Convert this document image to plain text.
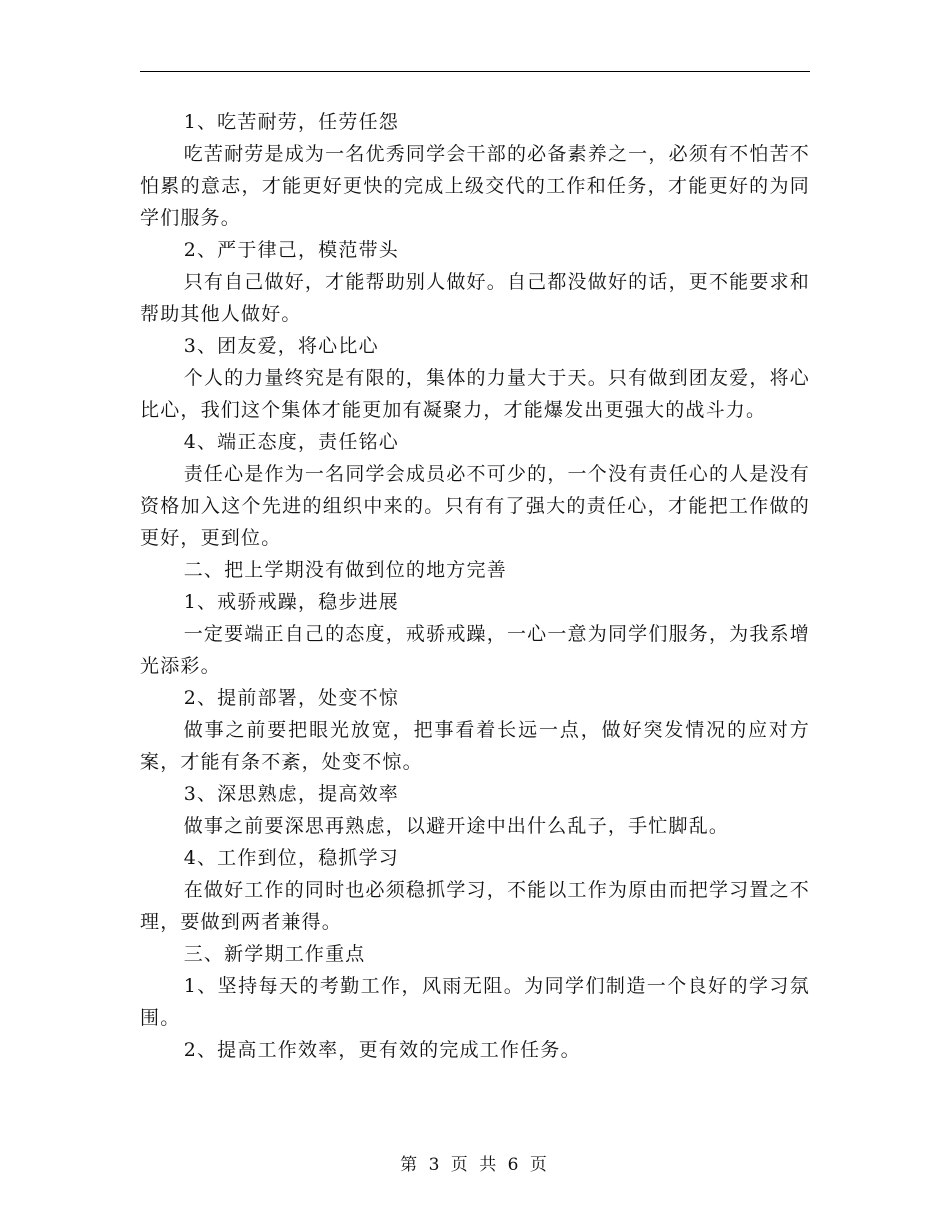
1、吃苦耐劳，任劳任怨

吃苦耐劳是成为一名优秀同学会干部的必备素养之一，必须有不怕苦不怕累的意志，才能更好更快的完成上级交代的工作和任务，才能更好的为同学们服务。

2、严于律己，模范带头

只有自己做好，才能帮助别人做好。自己都没做好的话，更不能要求和帮助其他人做好。

3、团友爱，将心比心

个人的力量终究是有限的，集体的力量大于天。只有做到团友爱，将心比心，我们这个集体才能更加有凝聚力，才能爆发出更强大的战斗力。

4、端正态度，责任铭心

责任心是作为一名同学会成员必不可少的，一个没有责任心的人是没有资格加入这个先进的组织中来的。只有有了强大的责任心，才能把工作做的更好，更到位。

二、把上学期没有做到位的地方完善

1、戒骄戒躁，稳步进展

一定要端正自己的态度，戒骄戒躁，一心一意为同学们服务，为我系增光添彩。

2、提前部署，处变不惊

做事之前要把眼光放宽，把事看着长远一点，做好突发情况的应对方案，才能有条不紊，处变不惊。

3、深思熟虑，提高效率

做事之前要深思再熟虑，以避开途中出什么乱子，手忙脚乱。

4、工作到位，稳抓学习

在做好工作的同时也必须稳抓学习，不能以工作为原由而把学习置之不理，要做到两者兼得。

三、新学期工作重点

1、坚持每天的考勤工作，风雨无阻。为同学们制造一个良好的学习氛围。

2、提高工作效率，更有效的完成工作任务。

第 3 页 共 6 页
